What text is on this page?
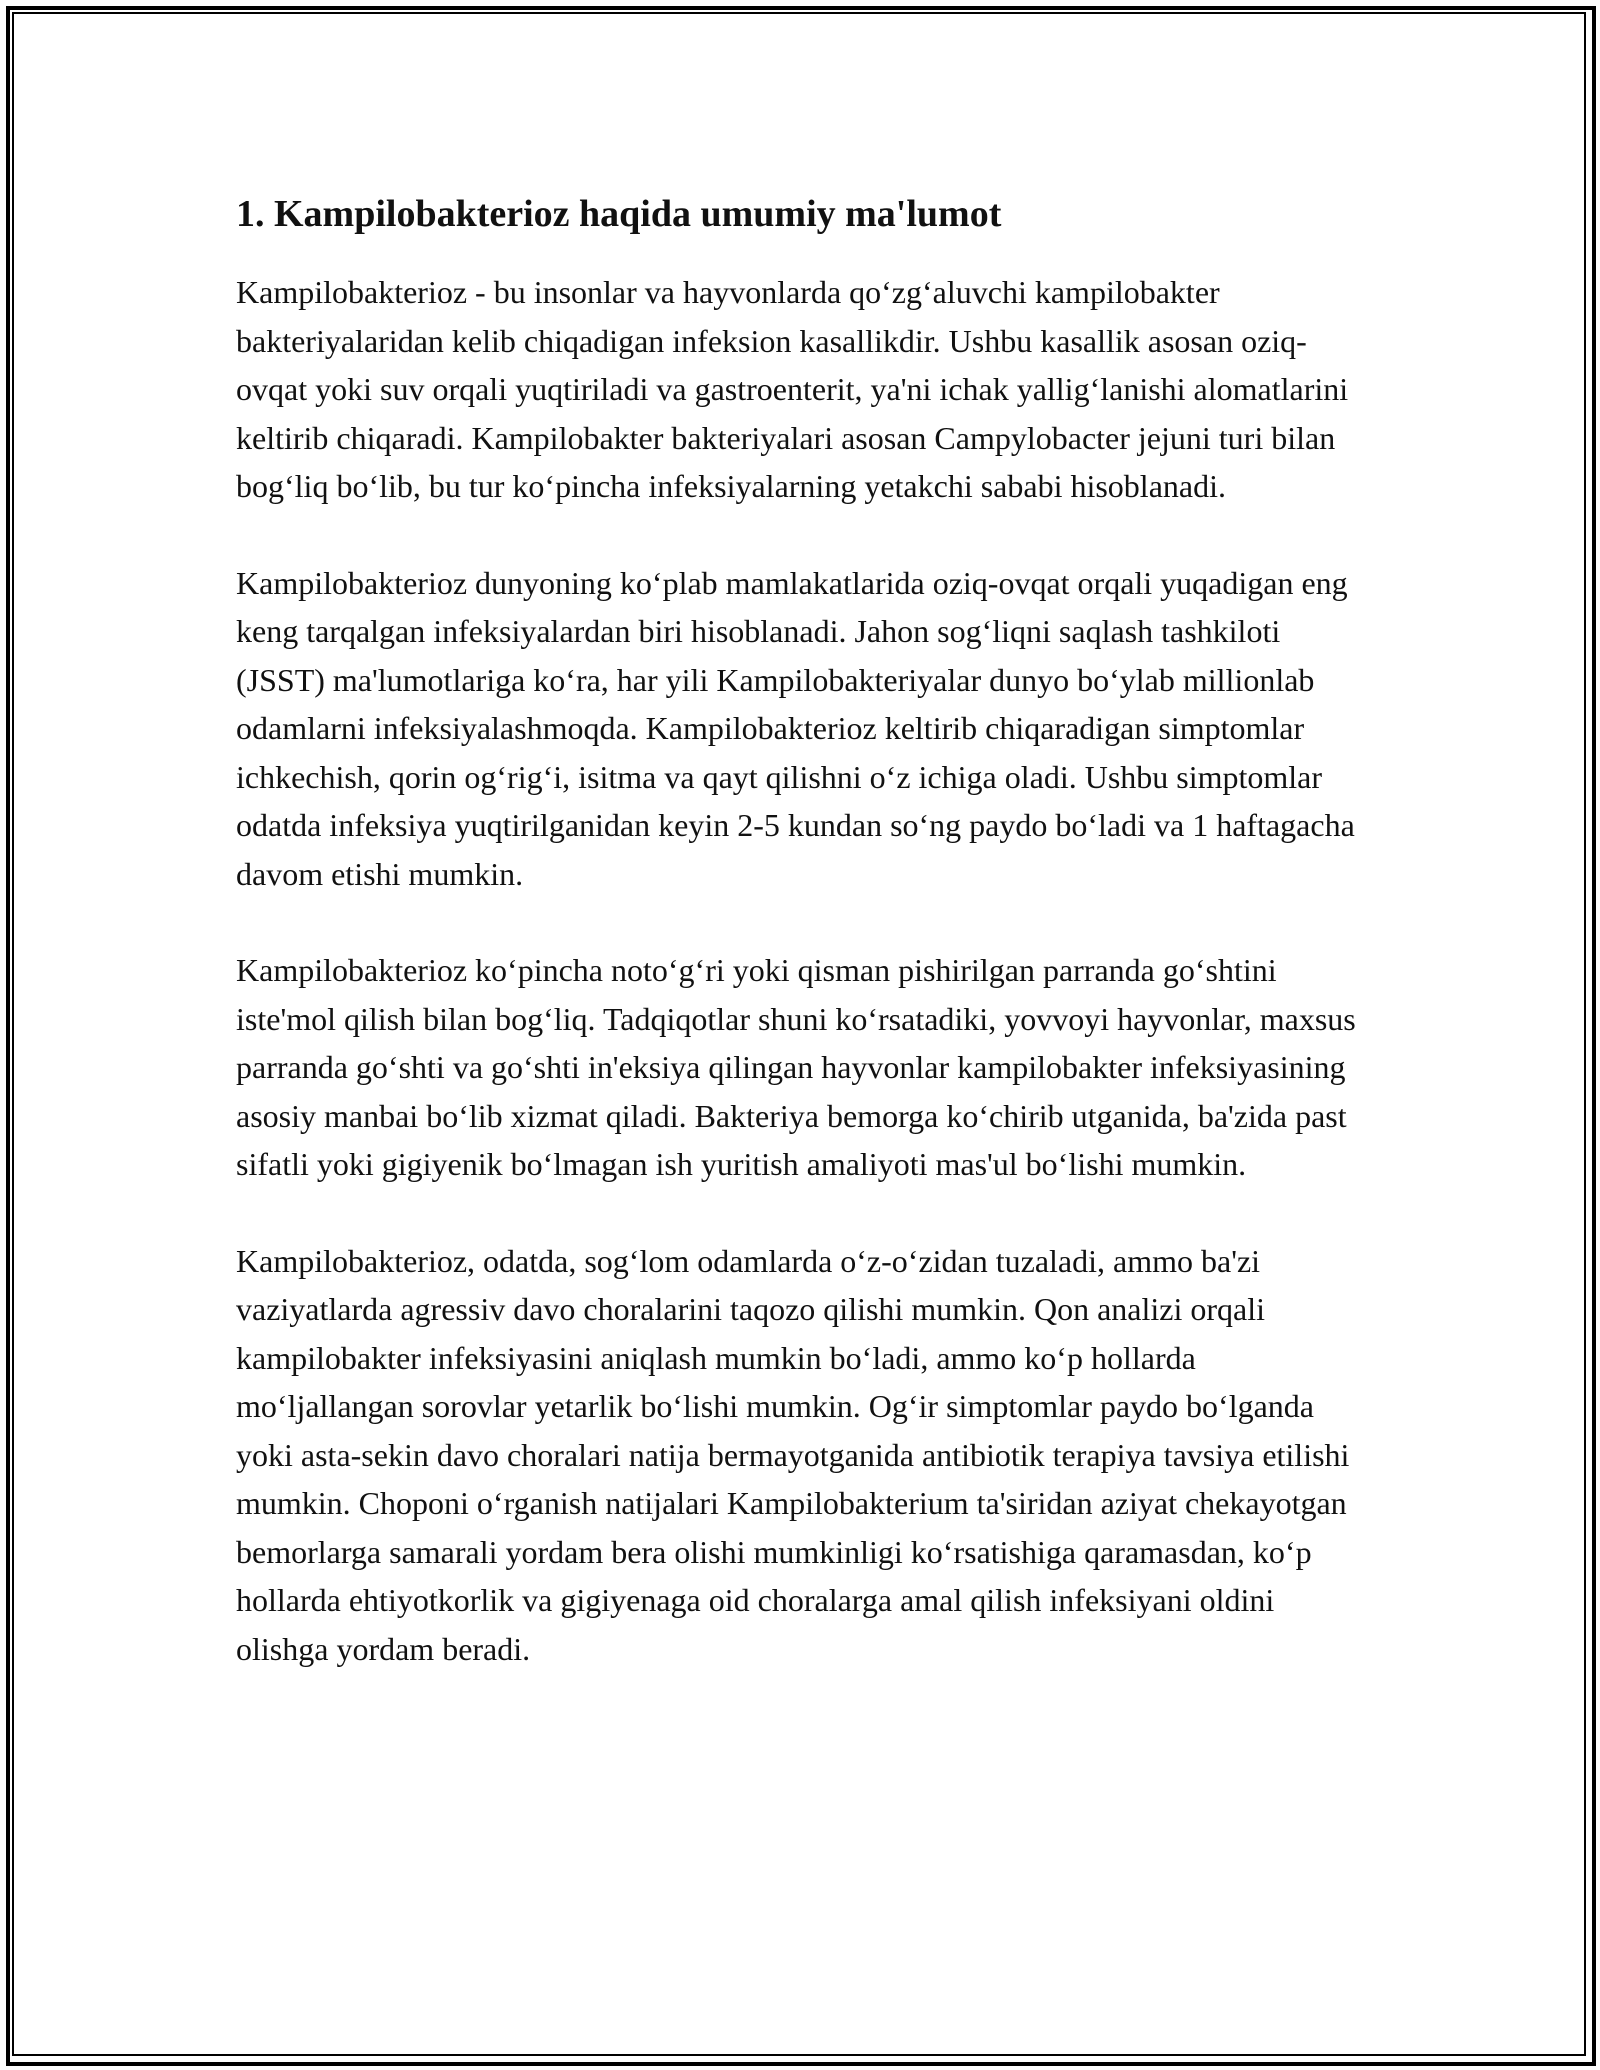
1. Kampilobakterioz haqida umumiy ma'lumot

Kampilobakterioz - bu insonlar va hayvonlarda qo‘zg‘aluvchi kampilobakter bakteriyalaridan kelib chiqadigan infeksion kasallikdir. Ushbu kasallik asosan oziq-ovqat yoki suv orqali yuqtiriladi va gastroenterit, ya'ni ichak yallig‘lanishi alomatlarini keltirib chiqaradi. Kampilobakter bakteriyalari asosan Campylobacter jejuni turi bilan bog‘liq bo‘lib, bu tur ko‘pincha infeksiyalarning yetakchi sababi hisoblanadi.

Kampilobakterioz dunyoning ko‘plab mamlakatlarida oziq-ovqat orqali yuqadigan eng keng tarqalgan infeksiyalardan biri hisoblanadi. Jahon sog‘liqni saqlash tashkiloti (JSST) ma'lumotlariga ko‘ra, har yili Kampilobakteriyalar dunyo bo‘ylab millionlab odamlarni infeksiyalashmoqda. Kampilobakterioz keltirib chiqaradigan simptomlar ichkechish, qorin og‘rig‘i, isitma va qayt qilishni o‘z ichiga oladi. Ushbu simptomlar odatda infeksiya yuqtirilganidan keyin 2-5 kundan so‘ng paydo bo‘ladi va 1 haftagacha davom etishi mumkin.

Kampilobakterioz ko‘pincha noto‘g‘ri yoki qisman pishirilgan parranda go‘shtini iste'mol qilish bilan bog‘liq. Tadqiqotlar shuni ko‘rsatadiki, yovvoyi hayvonlar, maxsus parranda go‘shti va go‘shti in'eksiya qilingan hayvonlar kampilobakter infeksiyasining asosiy manbai bo‘lib xizmat qiladi. Bakteriya bemorga ko‘chirib utganida, ba'zida past sifatli yoki gigiyenik bo‘lmagan ish yuritish amaliyoti mas'ul bo‘lishi mumkin.

Kampilobakterioz, odatda, sog‘lom odamlarda o‘z-o‘zidan tuzaladi, ammo ba'zi vaziyatlarda agressiv davo choralarini taqozo qilishi mumkin. Qon analizi orqali kampilobakter infeksiyasini aniqlash mumkin bo‘ladi, ammo ko‘p hollarda mo‘ljallangan sorovlar yetarlik bo‘lishi mumkin. Og‘ir simptomlar paydo bo‘lganda yoki asta-sekin davo choralari natija bermayotganida antibiotik terapiya tavsiya etilishi mumkin. Choponi o‘rganish natijalari Kampilobakterium ta'siridan aziyat chekayotgan bemorlarga samarali yordam bera olishi mumkinligi ko‘rsatishiga qaramasdan, ko‘p hollarda ehtiyotkorlik va gigiyenaga oid choralarga amal qilish infeksiyani oldini olishga yordam beradi.
